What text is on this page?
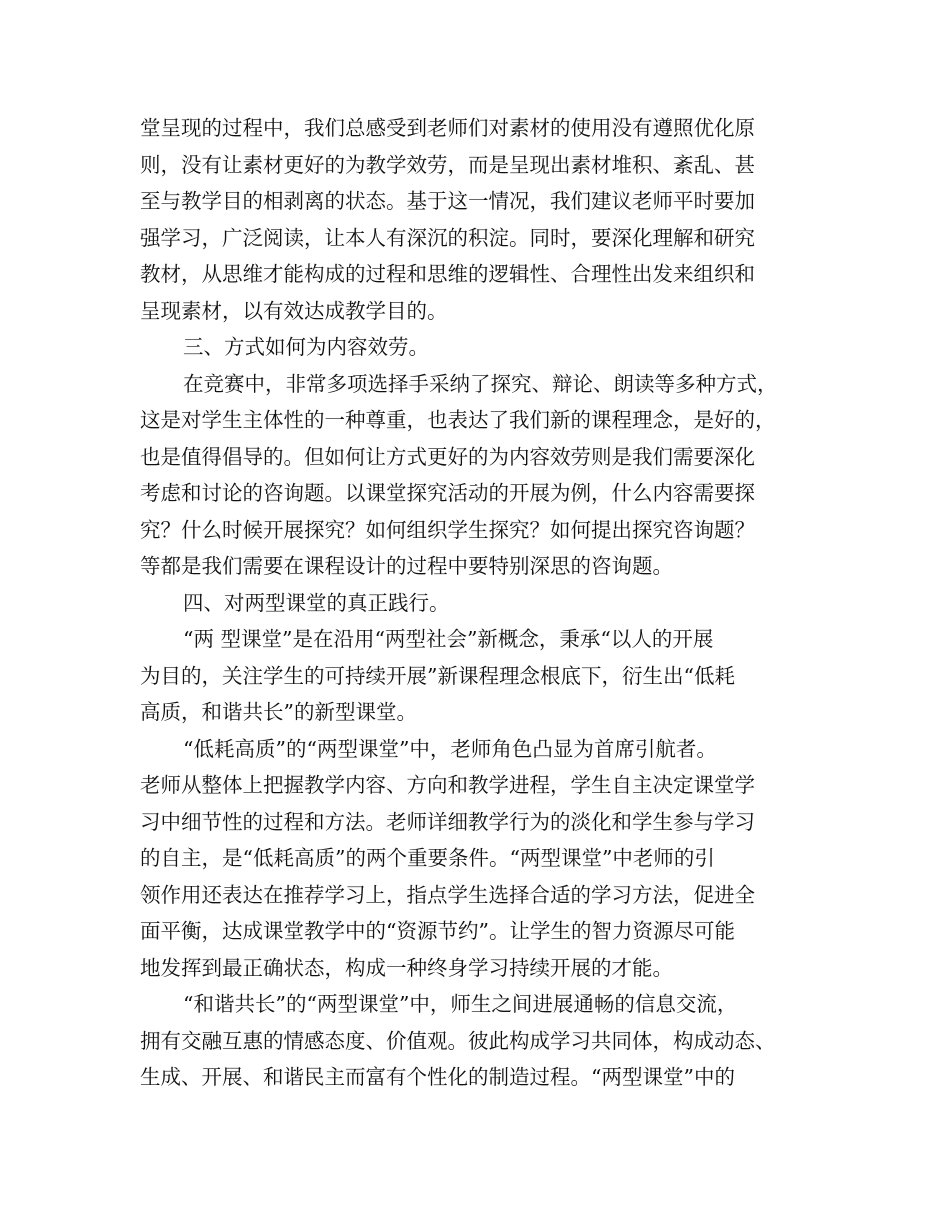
堂呈现的过程中，我们总感受到老师们对素材的使用没有遵照优化原
则，没有让素材更好的为教学效劳，而是呈现出素材堆积、紊乱、甚
至与教学目的相剥离的状态。基于这一情况，我们建议老师平时要加
强学习，广泛阅读，让本人有深沉的积淀。同时，要深化理解和研究
教材，从思维才能构成的过程和思维的逻辑性、合理性出发来组织和
呈现素材，以有效达成教学目的。
三、方式如何为内容效劳。
在竞赛中，非常多项选择手采纳了探究、辩论、朗读等多种方式，
这是对学生主体性的一种尊重，也表达了我们新的课程理念，是好的，
也是值得倡导的。但如何让方式更好的为内容效劳则是我们需要深化
考虑和讨论的咨询题。以课堂探究活动的开展为例，什么内容需要探
究？什么时候开展探究？如何组织学生探究？如何提出探究咨询题？
等都是我们需要在课程设计的过程中要特别深思的咨询题。
四、对两型课堂的真正践行。
“两 型课堂”是在沿用“两型社会”新概念，秉承“以人的开展
为目的，关注学生的可持续开展”新课程理念根底下，衍生出“低耗
高质，和谐共长”的新型课堂。
“低耗高质”的“两型课堂”中，老师角色凸显为首席引航者。
老师从整体上把握教学内容、方向和教学进程，学生自主决定课堂学
习中细节性的过程和方法。老师详细教学行为的淡化和学生参与学习
的自主，是“低耗高质”的两个重要条件。“两型课堂”中老师的引
领作用还表达在推荐学习上，指点学生选择合适的学习方法，促进全
面平衡，达成课堂教学中的“资源节约”。让学生的智力资源尽可能
地发挥到最正确状态，构成一种终身学习持续开展的才能。
“和谐共长”的“两型课堂”中，师生之间进展通畅的信息交流，
拥有交融互惠的情感态度、价值观。彼此构成学习共同体，构成动态、
生成、开展、和谐民主而富有个性化的制造过程。“两型课堂”中的
